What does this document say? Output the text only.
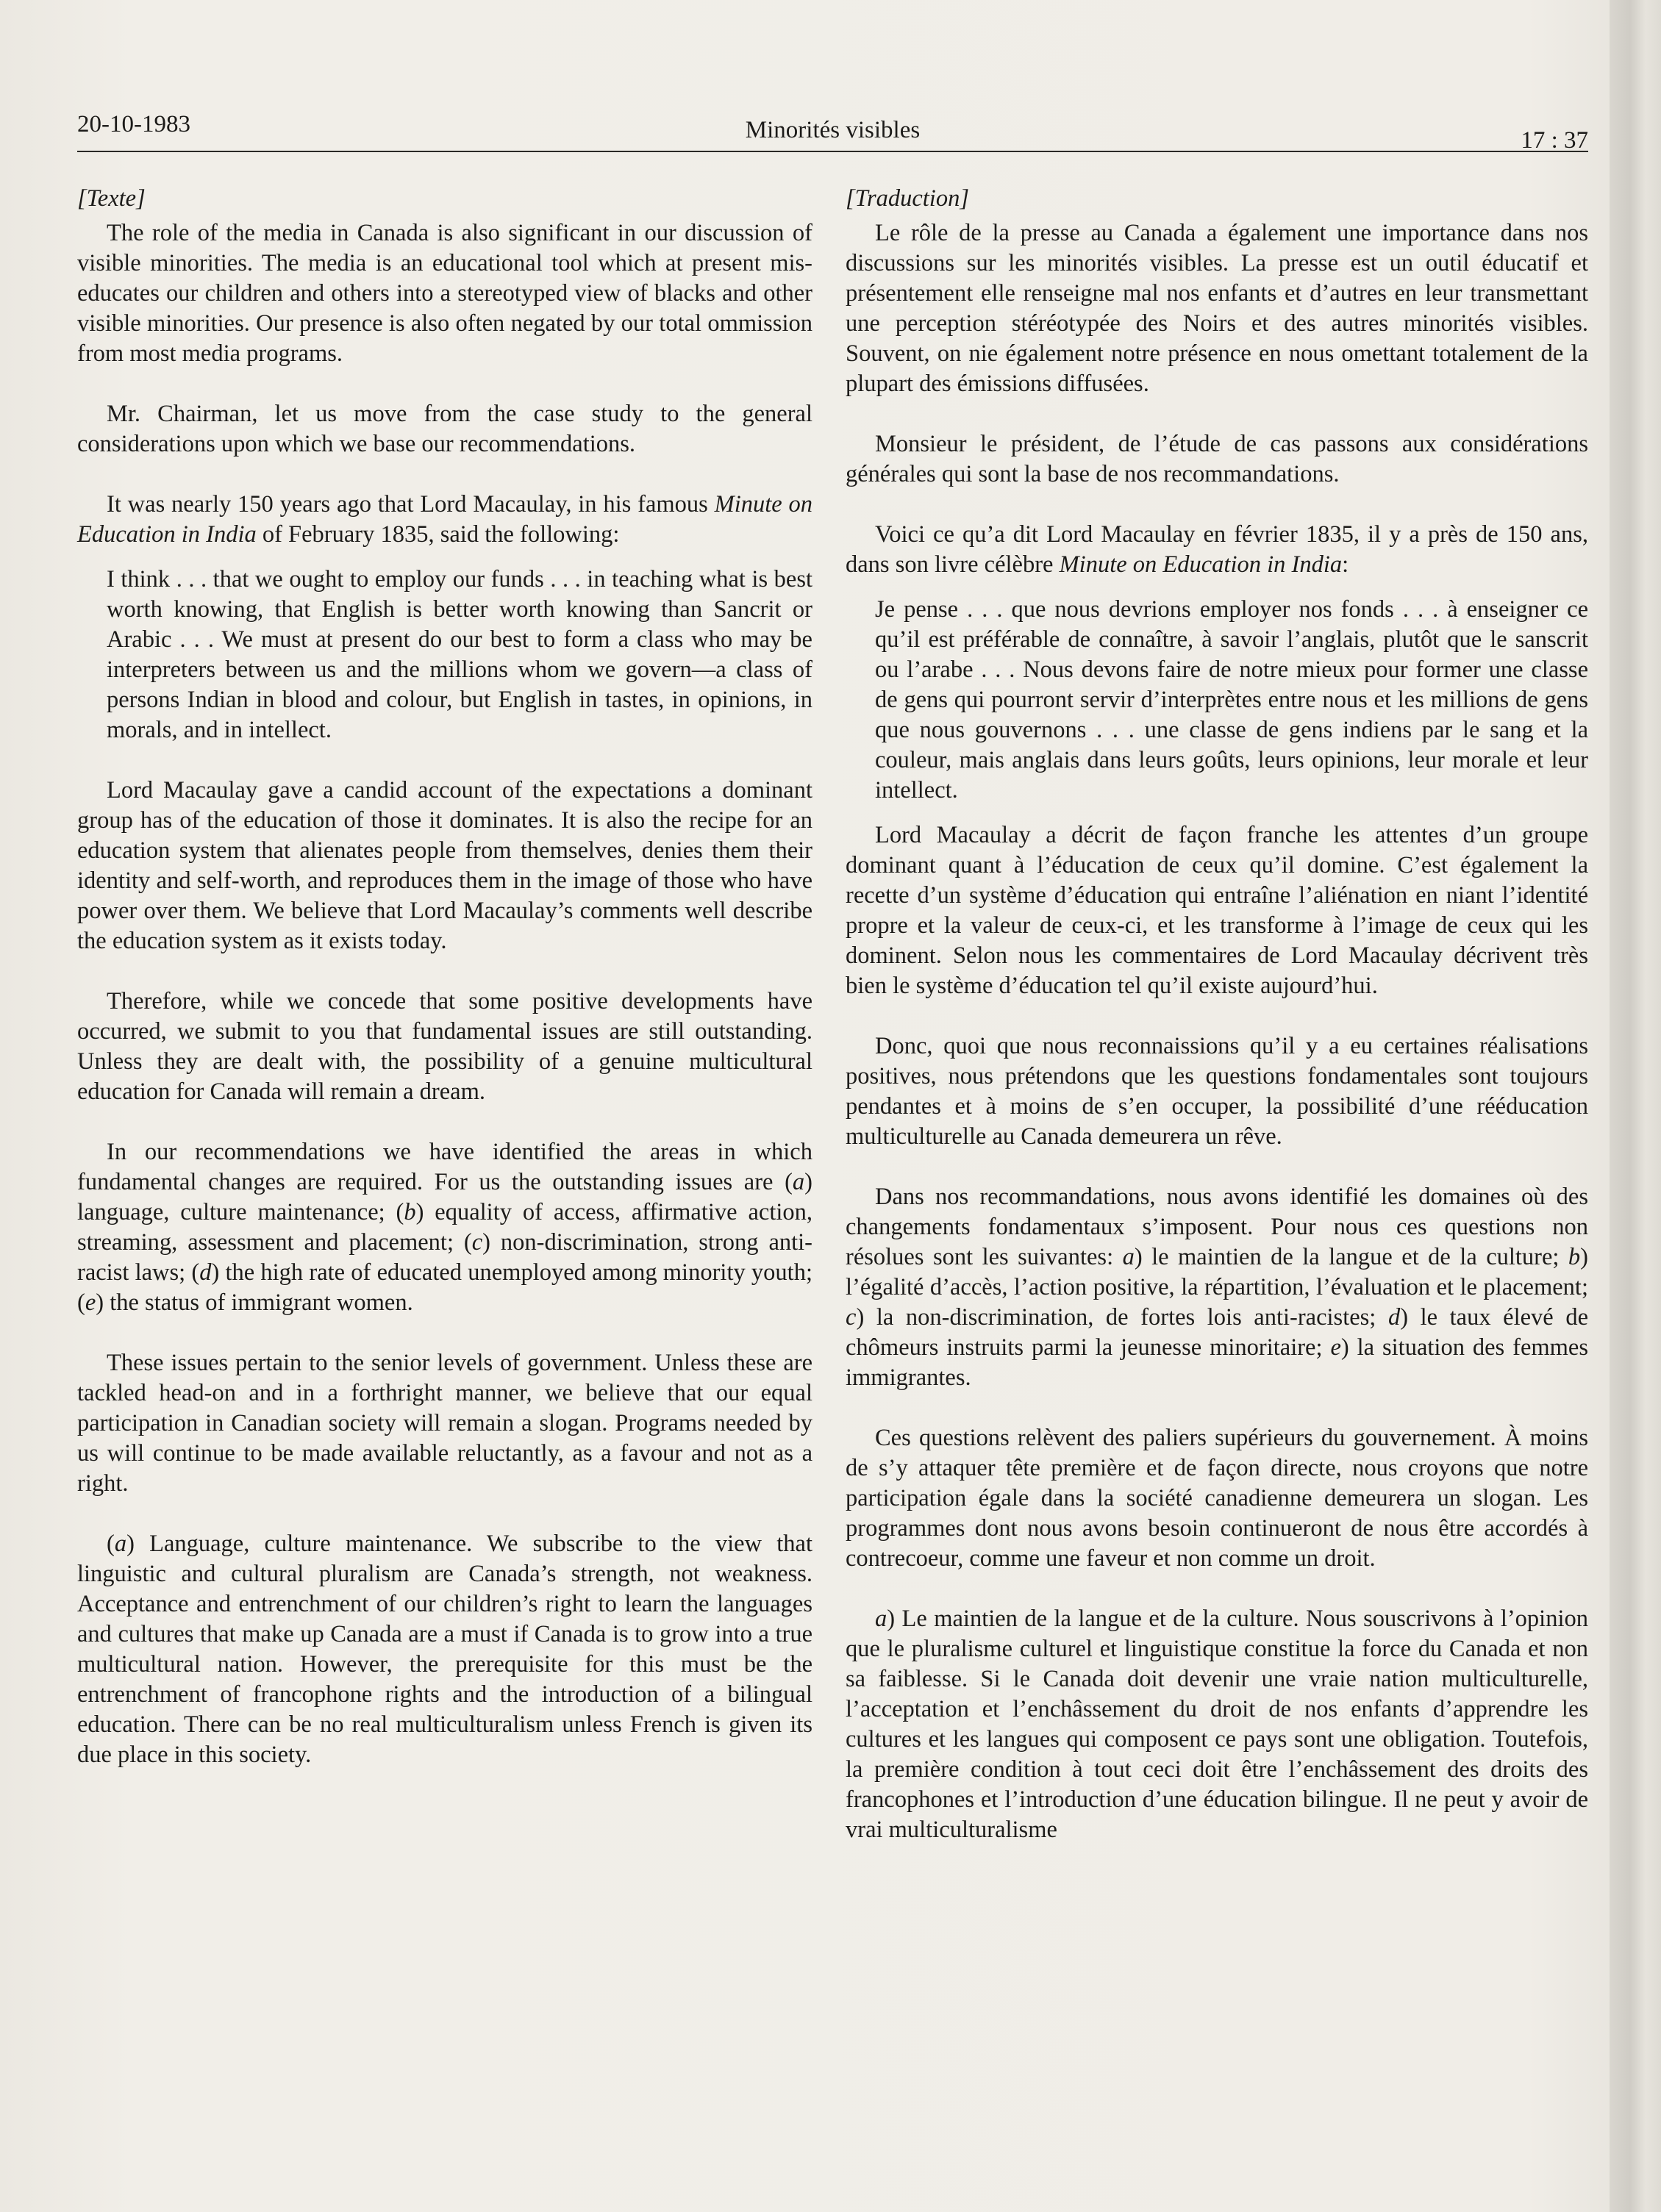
20-10-1983	Minorités visibles	17 : 37
[Texte]

The role of the media in Canada is also significant in our discussion of visible minorities. The media is an educational tool which at present mis-educates our children and others into a stereotyped view of blacks and other visible minorities. Our presence is also often negated by our total ommission from most media programs.

Mr. Chairman, let us move from the case study to the general considerations upon which we base our recommendations.

It was nearly 150 years ago that Lord Macaulay, in his famous Minute on Education in India of February 1835, said the following:

I think . . . that we ought to employ our funds . . . in teaching what is best worth knowing, that English is better worth knowing than Sancrit or Arabic . . . We must at present do our best to form a class who may be interpreters between us and the millions whom we govern—a class of persons Indian in blood and colour, but English in tastes, in opinions, in morals, and in intellect.

Lord Macaulay gave a candid account of the expectations a dominant group has of the education of those it dominates. It is also the recipe for an education system that alienates people from themselves, denies them their identity and self-worth, and reproduces them in the image of those who have power over them. We believe that Lord Macaulay’s comments well describe the education system as it exists today.

Therefore, while we concede that some positive developments have occurred, we submit to you that fundamental issues are still outstanding. Unless they are dealt with, the possibility of a genuine multicultural education for Canada will remain a dream.

In our recommendations we have identified the areas in which fundamental changes are required. For us the outstanding issues are (a) language, culture maintenance; (b) equality of access, affirmative action, streaming, assessment and placement; (c) non-discrimination, strong anti-racist laws; (d) the high rate of educated unemployed among minority youth; (e) the status of immigrant women.

These issues pertain to the senior levels of government. Unless these are tackled head-on and in a forthright manner, we believe that our equal participation in Canadian society will remain a slogan. Programs needed by us will continue to be made available reluctantly, as a favour and not as a right.

(a) Language, culture maintenance. We subscribe to the view that linguistic and cultural pluralism are Canada’s strength, not weakness. Acceptance and entrenchment of our children’s right to learn the languages and cultures that make up Canada are a must if Canada is to grow into a true multicultural nation. However, the prerequisite for this must be the entrenchment of francophone rights and the introduction of a bilingual education. There can be no real multiculturalism unless French is given its due place in this society.

[Traduction]

Le rôle de la presse au Canada a également une importance dans nos discussions sur les minorités visibles. La presse est un outil éducatif et présentement elle renseigne mal nos enfants et d’autres en leur transmettant une perception stéréotypée des Noirs et des autres minorités visibles. Souvent, on nie également notre présence en nous omettant totalement de la plupart des émissions diffusées.

Monsieur le président, de l’étude de cas passons aux considérations générales qui sont la base de nos recommandations.

Voici ce qu’a dit Lord Macaulay en février 1835, il y a près de 150 ans, dans son livre célèbre Minute on Education in India:

Je pense . . . que nous devrions employer nos fonds . . . à enseigner ce qu’il est préférable de connaître, à savoir l’anglais, plutôt que le sanscrit ou l’arabe . . . Nous devons faire de notre mieux pour former une classe de gens qui pourront servir d’interprètes entre nous et les millions de gens que nous gouvernons . . . une classe de gens indiens par le sang et la couleur, mais anglais dans leurs goûts, leurs opinions, leur morale et leur intellect.

Lord Macaulay a décrit de façon franche les attentes d’un groupe dominant quant à l’éducation de ceux qu’il domine. C’est également la recette d’un système d’éducation qui entraîne l’aliénation en niant l’identité propre et la valeur de ceux-ci, et les transforme à l’image de ceux qui les dominent. Selon nous les commentaires de Lord Macaulay décrivent très bien le système d’éducation tel qu’il existe aujourd’hui.

Donc, quoi que nous reconnaissions qu’il y a eu certaines réalisations positives, nous prétendons que les questions fondamentales sont toujours pendantes et à moins de s’en occuper, la possibilité d’une rééducation multiculturelle au Canada demeurera un rêve.

Dans nos recommandations, nous avons identifié les domaines où des changements fondamentaux s’imposent. Pour nous ces questions non résolues sont les suivantes: a) le maintien de la langue et de la culture; b) l’égalité d’accès, l’action positive, la répartition, l’évaluation et le placement; c) la non-discrimination, de fortes lois anti-racistes; d) le taux élevé de chômeurs instruits parmi la jeunesse minoritaire; e) la situation des femmes immigrantes.

Ces questions relèvent des paliers supérieurs du gouvernement. À moins de s’y attaquer tête première et de façon directe, nous croyons que notre participation égale dans la société canadienne demeurera un slogan. Les programmes dont nous avons besoin continueront de nous être accordés à contrecoeur, comme une faveur et non comme un droit.

a) Le maintien de la langue et de la culture. Nous souscrivons à l’opinion que le pluralisme culturel et linguistique constitue la force du Canada et non sa faiblesse. Si le Canada doit devenir une vraie nation multiculturelle, l’acceptation et l’enchâssement du droit de nos enfants d’apprendre les cultures et les langues qui composent ce pays sont une obligation. Toutefois, la première condition à tout ceci doit être l’enchâssement des droits des francophones et l’introduction d’une éducation bilingue. Il ne peut y avoir de vrai multiculturalisme
